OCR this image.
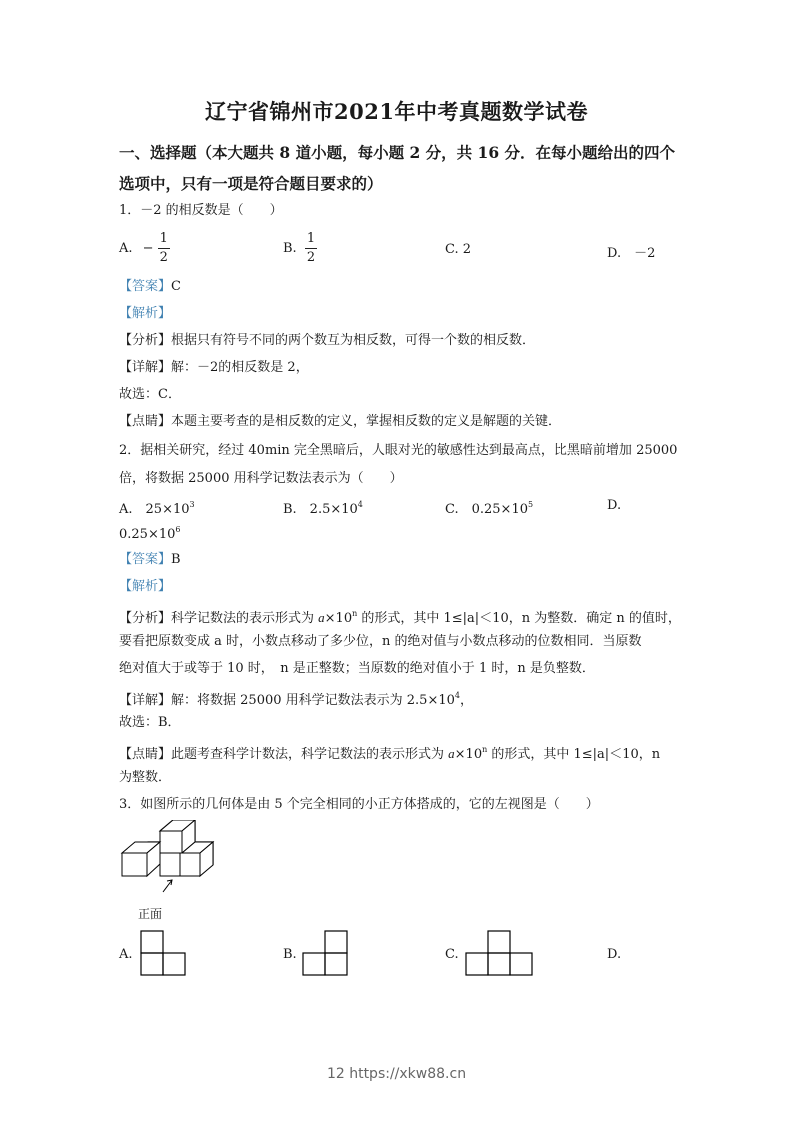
辽宁省锦州市2021年中考真题数学试卷
一、选择题（本大题共 8 道小题，每小题 2 分，共 16 分．在每小题给出的四个
选项中，只有一项是符合题目要求的）
1．－2 的相反数是（　　）
A. − $\frac{1}{2}$	B. $\frac{1}{2}$	C. 2	D.　－2
【答案】C
【解析】
【分析】根据只有符号不同的两个数互为相反数，可得一个数的相反数．
【详解】解：－2的相反数是 2，
故选：C．
【点睛】本题主要考查的是相反数的定义，掌握相反数的定义是解题的关键．
2．据相关研究，经过 40min 完全黑暗后，人眼对光的敏感性达到最高点，比黑暗前增加 25000
倍，将数据 25000 用科学记数法表示为（　　）
A.　$25\times 10^3$	B.　$2.5\times 10^4$	C.　$0.25\times 10^5$	D.
$0.25\times 10^6$
【答案】B
【解析】
【分析】科学记数法的表示形式为 $a\times 10^n$ 的形式，其中 1≤|a|＜10，n 为整数．确定 n 的值时，
要看把原数变成 a 时，小数点移动了多少位，n 的绝对值与小数点移动的位数相同．当原数
绝对值大于或等于 10 时，　n 是正整数；当原数的绝对值小于 1 时，n 是负整数．
【详解】解：将数据 25000 用科学记数法表示为 $2.5\times 10^4$，
故选：B．
【点睛】此题考查科学计数法，科学记数法的表示形式为 $a\times 10^n$ 的形式，其中 1≤|a|＜10，n
为整数．
3．如图所示的几何体是由 5 个完全相同的小正方体搭成的，它的左视图是（　　）
正面
A.	B.	C.	D.
12 https://xkw88.cn
